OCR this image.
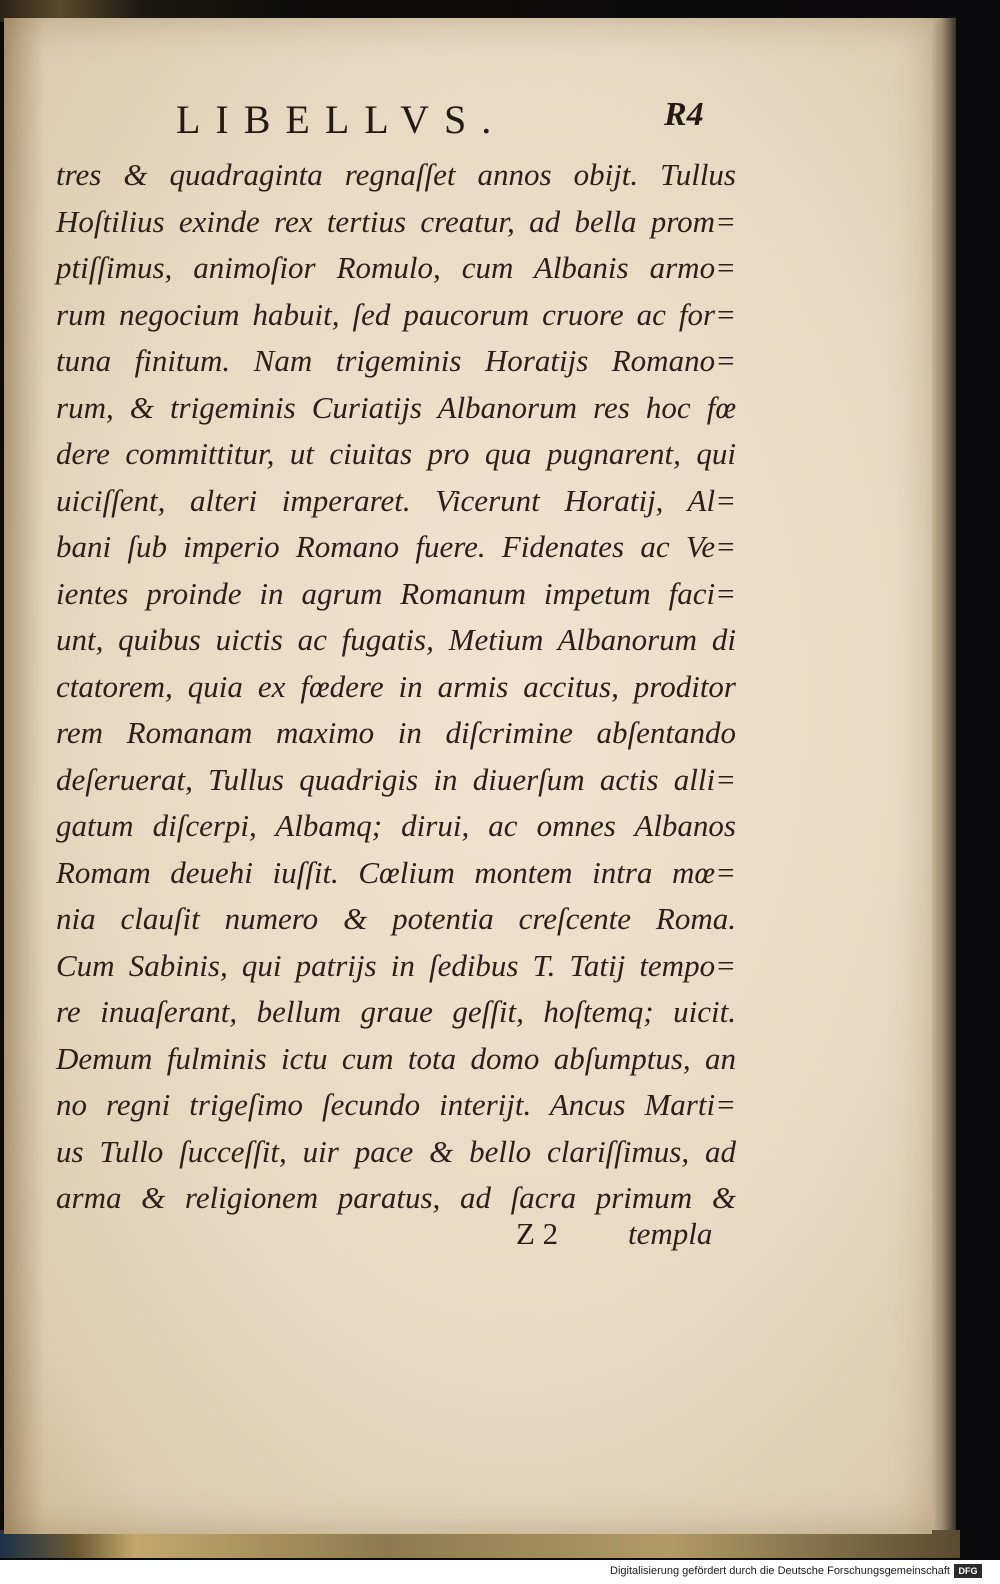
LIBELLVS.	R4
tres & quadraginta regnaſſet annos obijt. Tullus
Hoſtilius exinde rex tertius creatur, ad bella prom=
ptiſſimus, animoſior Romulo, cum Albanis armo=
rum negocium habuit, ſed paucorum cruore ac for=
tuna finitum. Nam trigeminis Horatijs Romano=
rum, & trigeminis Curiatijs Albanorum res hoc fœ
dere committitur, ut ciuitas pro qua pugnarent, qui
uiciſſent, alteri imperaret. Vicerunt Horatij, Al=
bani ſub imperio Romano fuere. Fidenates ac Ve=
ientes proinde in agrum Romanum impetum faci=
unt, quibus uictis ac fugatis, Metium Albanorum di
ctatorem, quia ex fœdere in armis accitus, proditor
rem Romanam maximo in diſcrimine abſentando
deſeruerat, Tullus quadrigis in diuerſum actis alli=
gatum diſcerpi, Albamq; dirui, ac omnes Albanos
Romam deuehi iuſſit. Cœlium montem intra mœ=
nia clauſit numero & potentia creſcente Roma.
Cum Sabinis, qui patrijs in ſedibus T. Tatij tempo=
re inuaſerant, bellum graue geſſit, hoſtemq; uicit.
Demum fulminis ictu cum tota domo abſumptus, an
no regni trigeſimo ſecundo interijt. Ancus Marti=
us Tullo ſucceſſit, uir pace & bello clariſſimus, ad
arma & religionem paratus, ad ſacra primum &
Z 2 templa
Digitalisierung gefördert durch die Deutsche Forschungsgemeinschaft DFG
